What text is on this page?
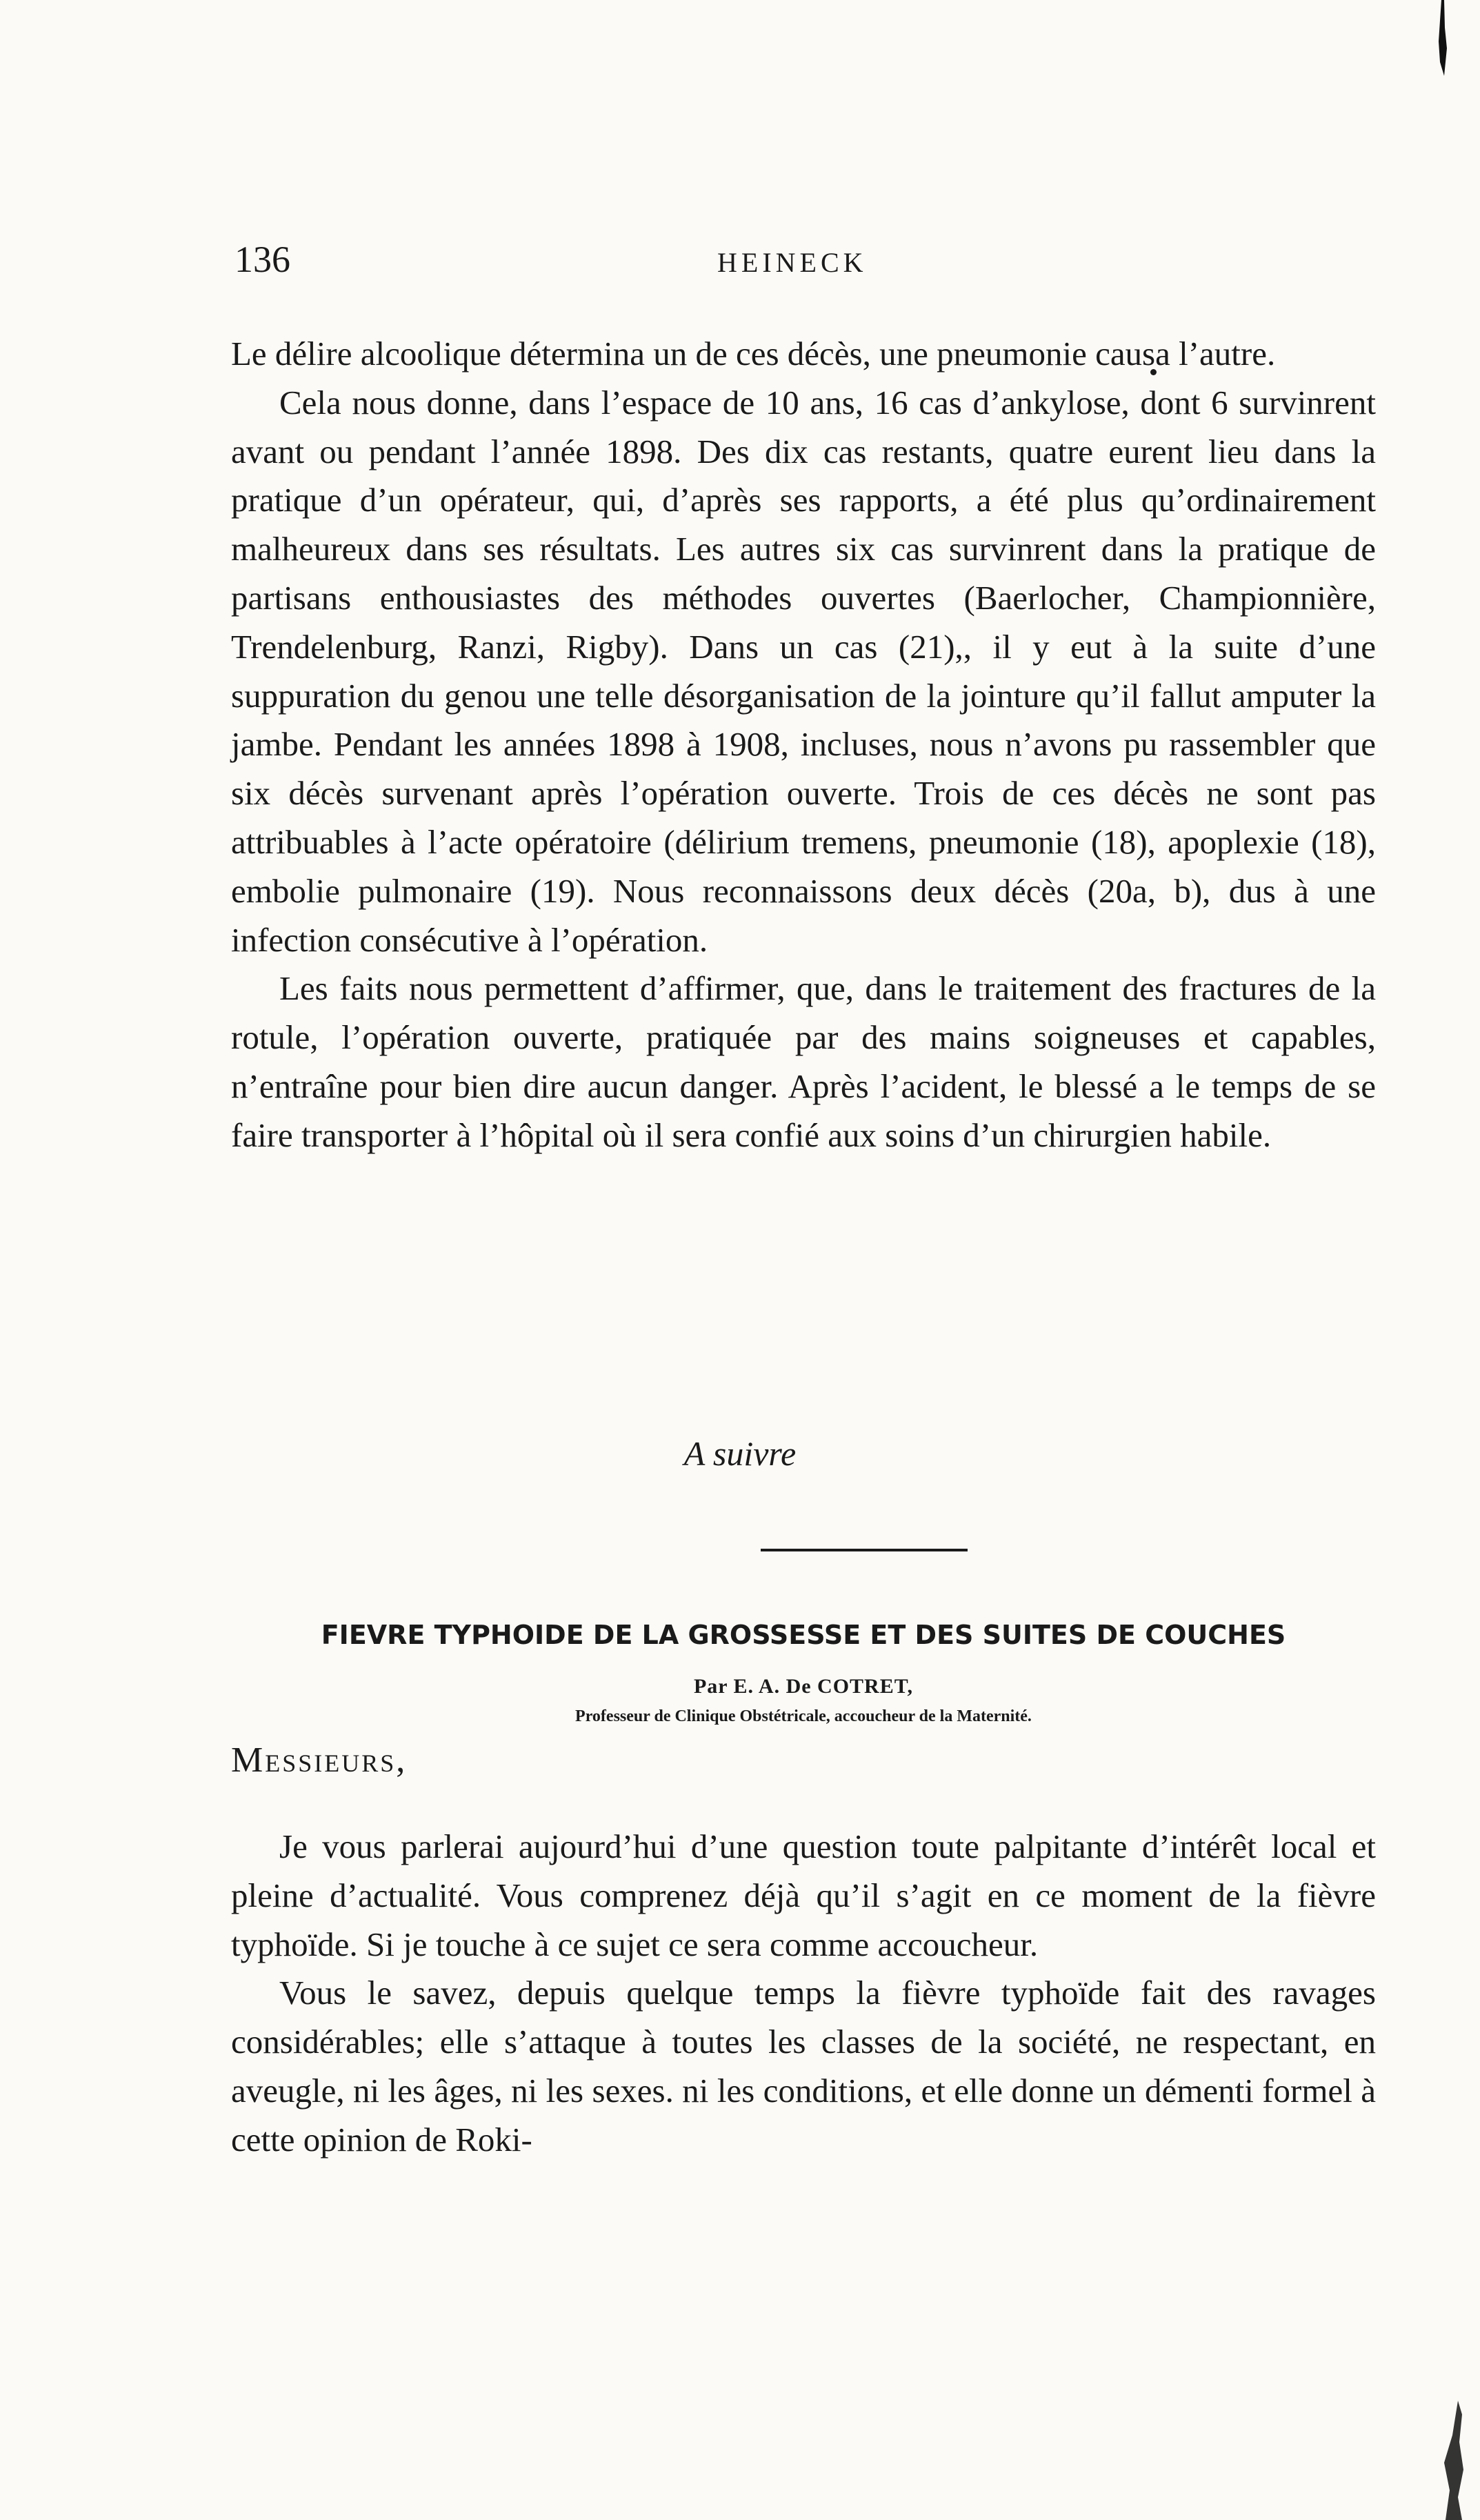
136	HEINECK

Le délire alcoolique détermina un de ces décès, une pneumonie causa l’autre.

Cela nous donne, dans l’espace de 10 ans, 16 cas d’ankylose, dont 6 survinrent avant ou pendant l’année 1898. Des dix cas restants, quatre eurent lieu dans la pratique d’un opérateur, qui, d’après ses rapports, a été plus qu’ordinairement malheureux dans ses résultats. Les autres six cas survinrent dans la pratique de partisans enthousiastes des méthodes ouvertes (Baerlocher, Championnière, Trendelenburg, Ranzi, Rigby). Dans un cas (21),, il y eut à la suite d’une suppuration du genou une telle désorganisation de la jointure qu’il fallut amputer la jambe. Pendant les années 1898 à 1908, incluses, nous n’avons pu rassembler que six décès survenant après l’opération ouverte. Trois de ces décès ne sont pas attribuables à l’acte opératoire (délirium tremens, pneumonie (18), apoplexie (18), embolie pulmonaire (19). Nous reconnaissons deux décès (20a, b), dus à une infection consécutive à l’opération.

Les faits nous permettent d’affirmer, que, dans le traitement des fractures de la rotule, l’opération ouverte, pratiquée par des mains soigneuses et capables, n’entraîne pour bien dire aucun danger. Après l’acident, le blessé a le temps de se faire transporter à l’hôpital où il sera confié aux soins d’un chirurgien habile.

A suivre
FIEVRE TYPHOIDE DE LA GROSSESSE ET DES SUITES DE COUCHES
Par E. A. De COTRET,
Professeur de Clinique Obstétricale, accoucheur de la Maternité.
Messieurs,

Je vous parlerai aujourd’hui d’une question toute palpitante d’intérêt local et pleine d’actualité. Vous comprenez déjà qu’il s’agit en ce moment de la fièvre typhoïde. Si je touche à ce sujet ce sera comme accoucheur.

Vous le savez, depuis quelque temps la fièvre typhoïde fait des ravages considérables; elle s’attaque à toutes les classes de la société, ne respectant, en aveugle, ni les âges, ni les sexes. ni les conditions, et elle donne un démenti formel à cette opinion de Roki-
